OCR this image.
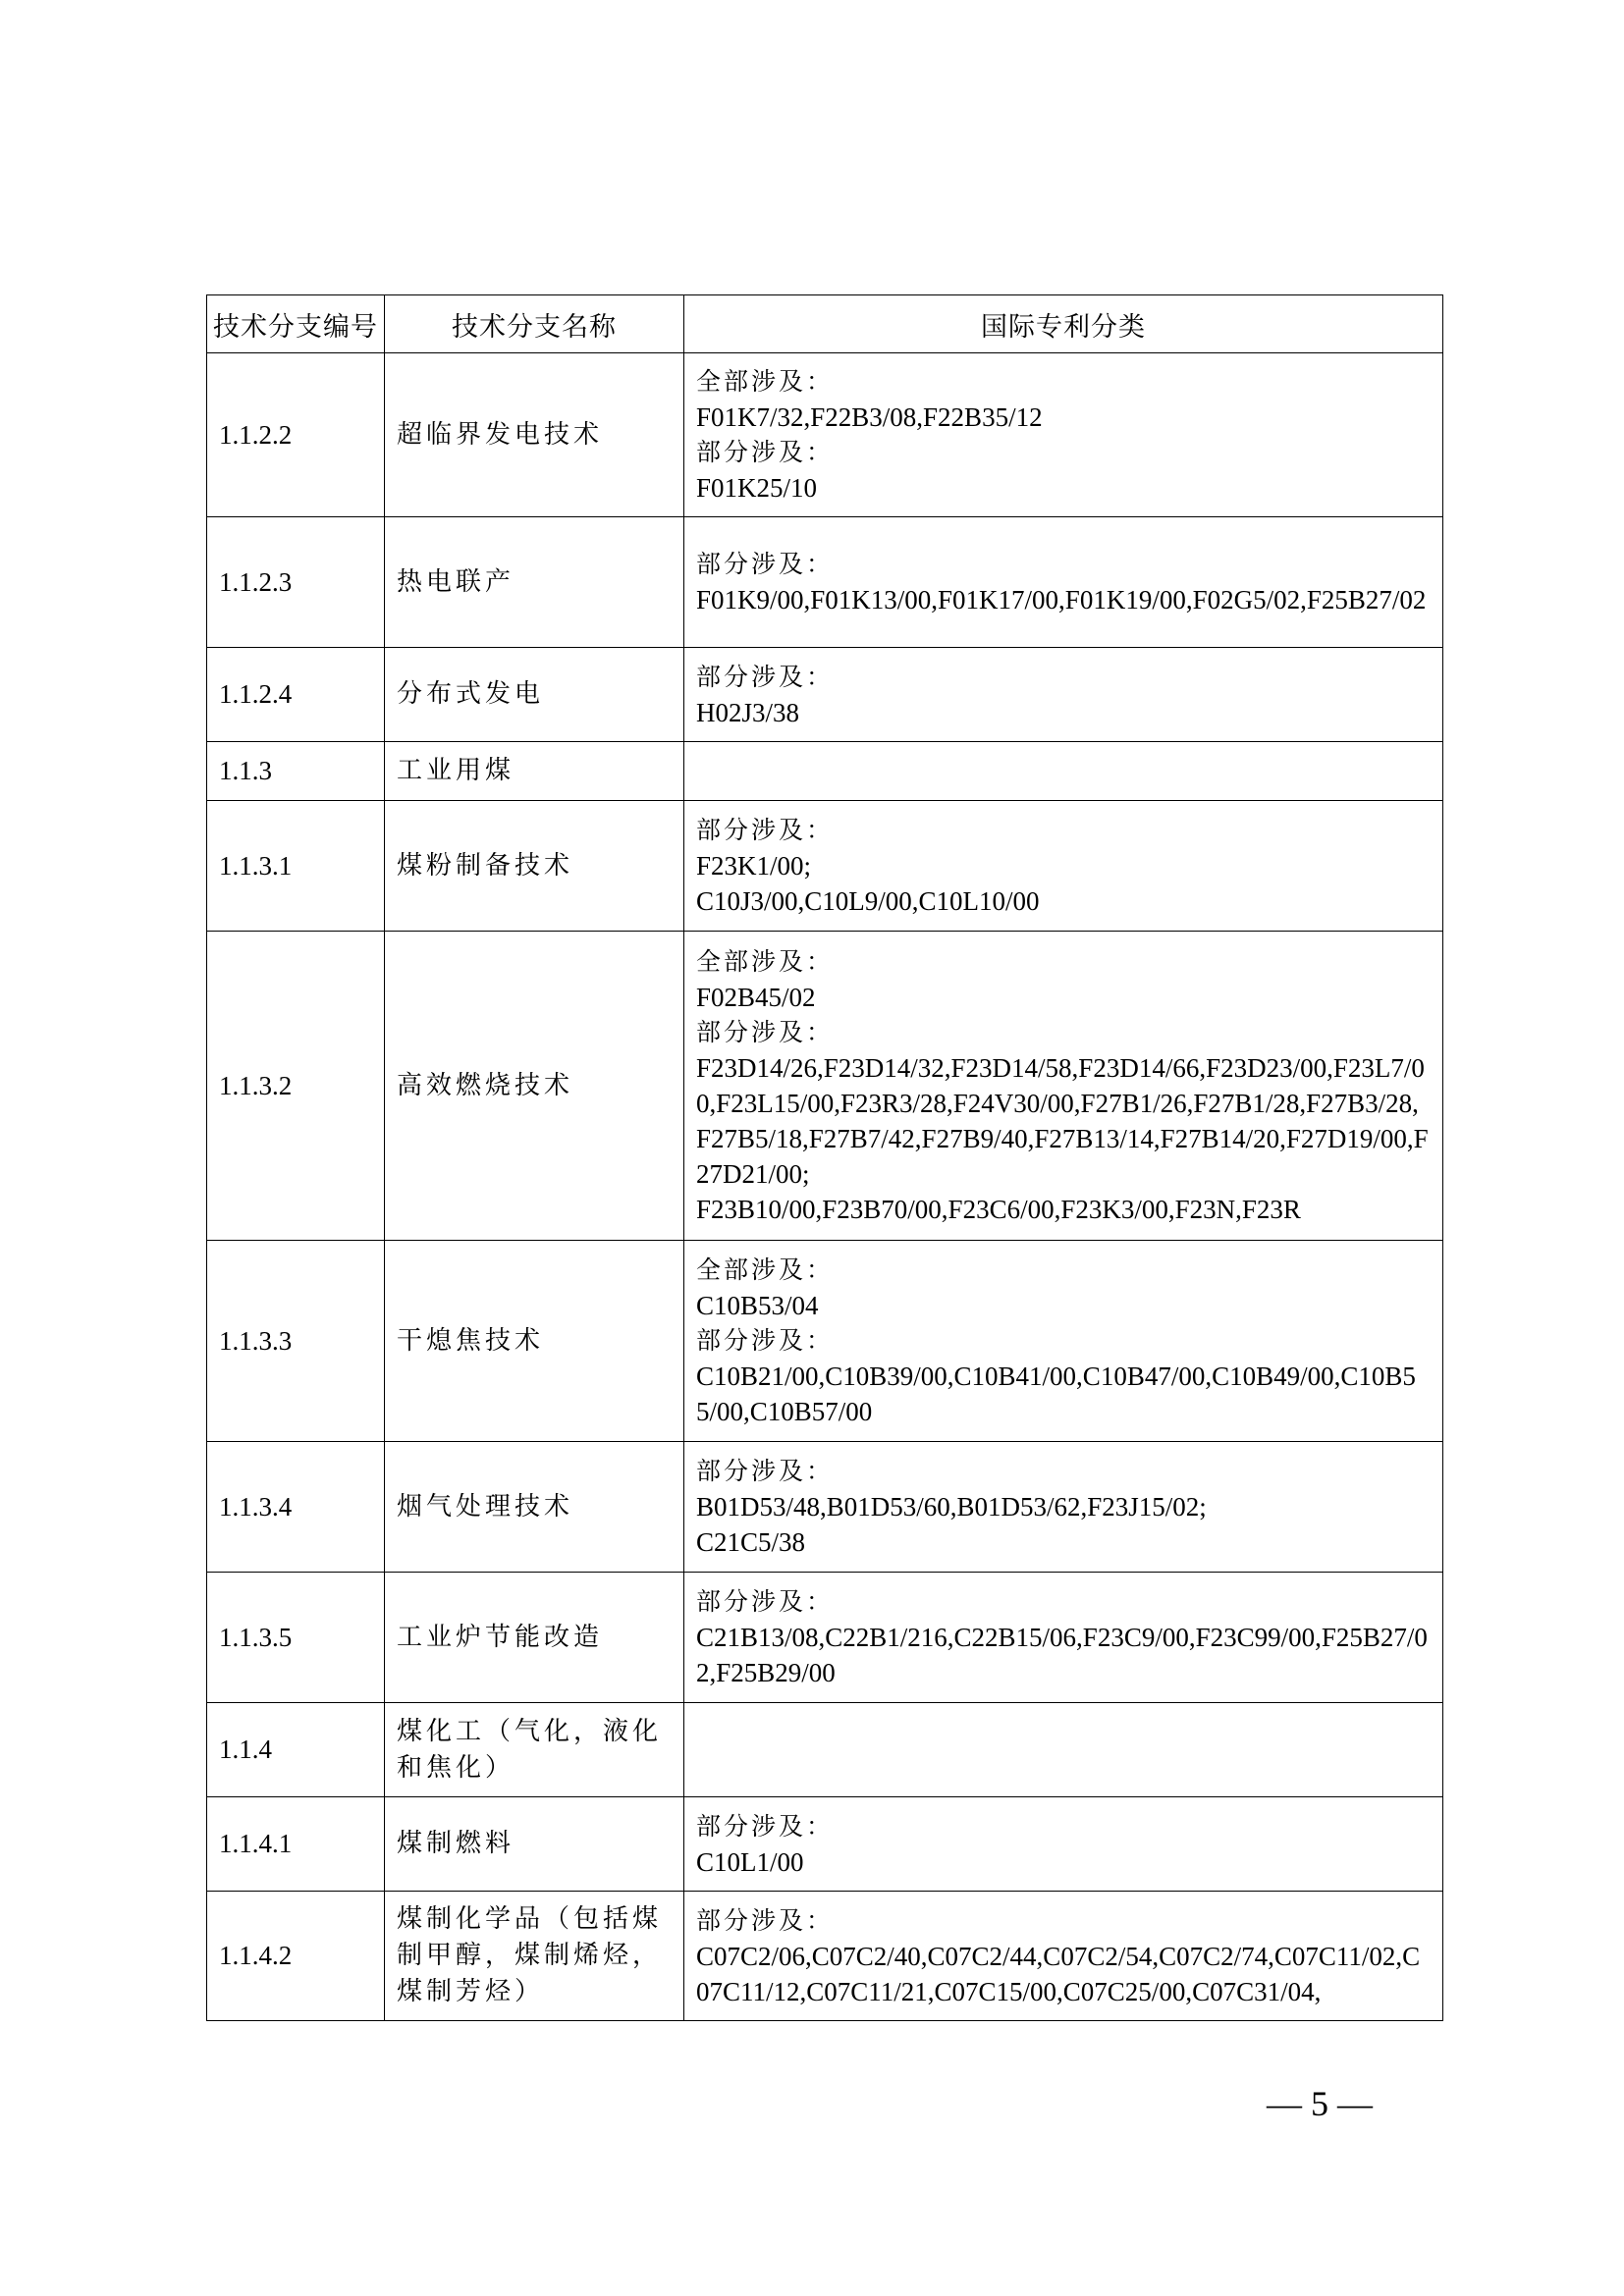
技术分支编号	技术分支名称	国际专利分类
1.1.2.2	超临界发电技术	全部涉及：
F01K7/32,F22B3/08,F22B35/12
部分涉及：
F01K25/10

1.1.2.3	热电联产	部分涉及：
F01K9/00,F01K13/00,F01K17/00,F01K19/00,F02G5/02,F25B27/02

1.1.2.4	分布式发电	部分涉及：
H02J3/38

1.1.3	工业用煤	
1.1.3.1	煤粉制备技术	部分涉及：
F23K1/00;
C10J3/00,C10L9/00,C10L10/00

1.1.3.2	高效燃烧技术	全部涉及：
F02B45/02
部分涉及：
F23D14/26,F23D14/32,F23D14/58,F23D14/66,F23D23/00,F23L7/00,F23L15/00,F23R3/28,F24V30/00,F27B1/26,F27B1/28,F27B3/28,F27B5/18,F27B7/42,F27B9/40,F27B13/14,F27B14/20,F27D19/00,F27D21/00;
F23B10/00,F23B70/00,F23C6/00,F23K3/00,F23N,F23R

1.1.3.3	干熄焦技术	全部涉及：
C10B53/04
部分涉及：
C10B21/00,C10B39/00,C10B41/00,C10B47/00,C10B49/00,C10B55/00,C10B57/00

1.1.3.4	烟气处理技术	部分涉及：
B01D53/48,B01D53/60,B01D53/62,F23J15/02;
C21C5/38

1.1.3.5	工业炉节能改造	部分涉及：
C21B13/08,C22B1/216,C22B15/06,F23C9/00,F23C99/00,F25B27/02,F25B29/00

1.1.4	煤化工（气化，液化和焦化）	
1.1.4.1	煤制燃料	部分涉及：
C10L1/00

1.1.4.2	煤制化学品（包括煤制甲醇，煤制烯烃，煤制芳烃）	部分涉及：
C07C2/06,C07C2/40,C07C2/44,C07C2/54,C07C2/74,C07C11/02,C07C11/12,C07C11/21,C07C15/00,C07C25/00,C07C31/04,
— 5 —
